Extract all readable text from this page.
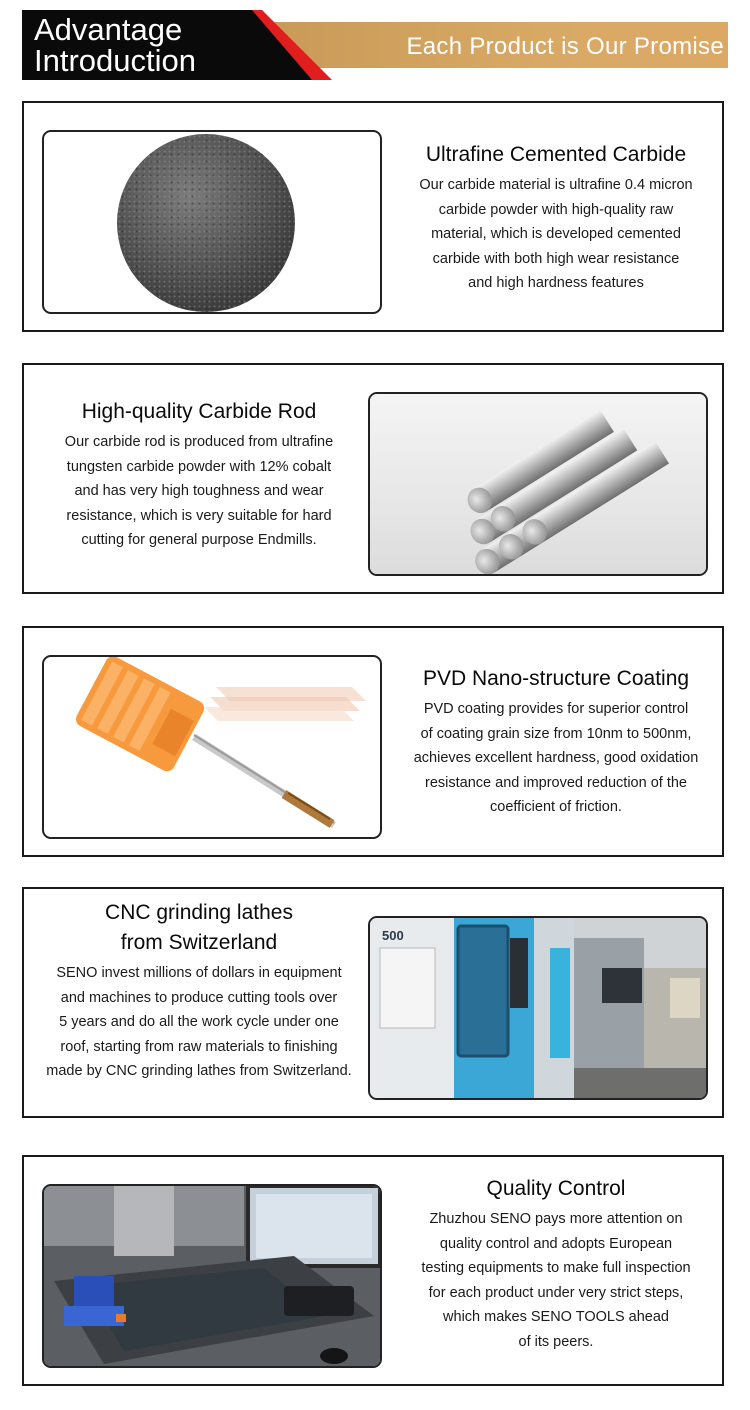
Advantage
Introduction	Each Product is Our Promise
Ultrafine Cemented Carbide
Our carbide material is ultrafine 0.4 micron
carbide powder with high-quality raw
material, which is developed cemented
carbide with both high wear resistance
and high hardness features
High-quality Carbide Rod
Our carbide rod is produced from ultrafine
tungsten carbide powder with 12% cobalt
and has very high toughness and wear
resistance, which is very suitable for hard
cutting for general purpose Endmills.
PVD Nano-structure Coating
PVD coating provides for superior control
of coating grain size from 10nm to 500nm,
achieves excellent hardness, good oxidation
resistance and improved reduction of the
coefficient of friction.
CNC grinding lathes
from Switzerland
SENO invest millions of dollars in equipment
and machines to produce cutting tools over
5 years and do all the work cycle under one
roof, starting from raw materials to finishing
made by CNC grinding lathes from Switzerland.
500
Quality Control
Zhuzhou SENO pays more attention on
quality control and adopts European
testing equipments to make full inspection
for each product under very strict steps,
which makes SENO TOOLS ahead
of its peers.
